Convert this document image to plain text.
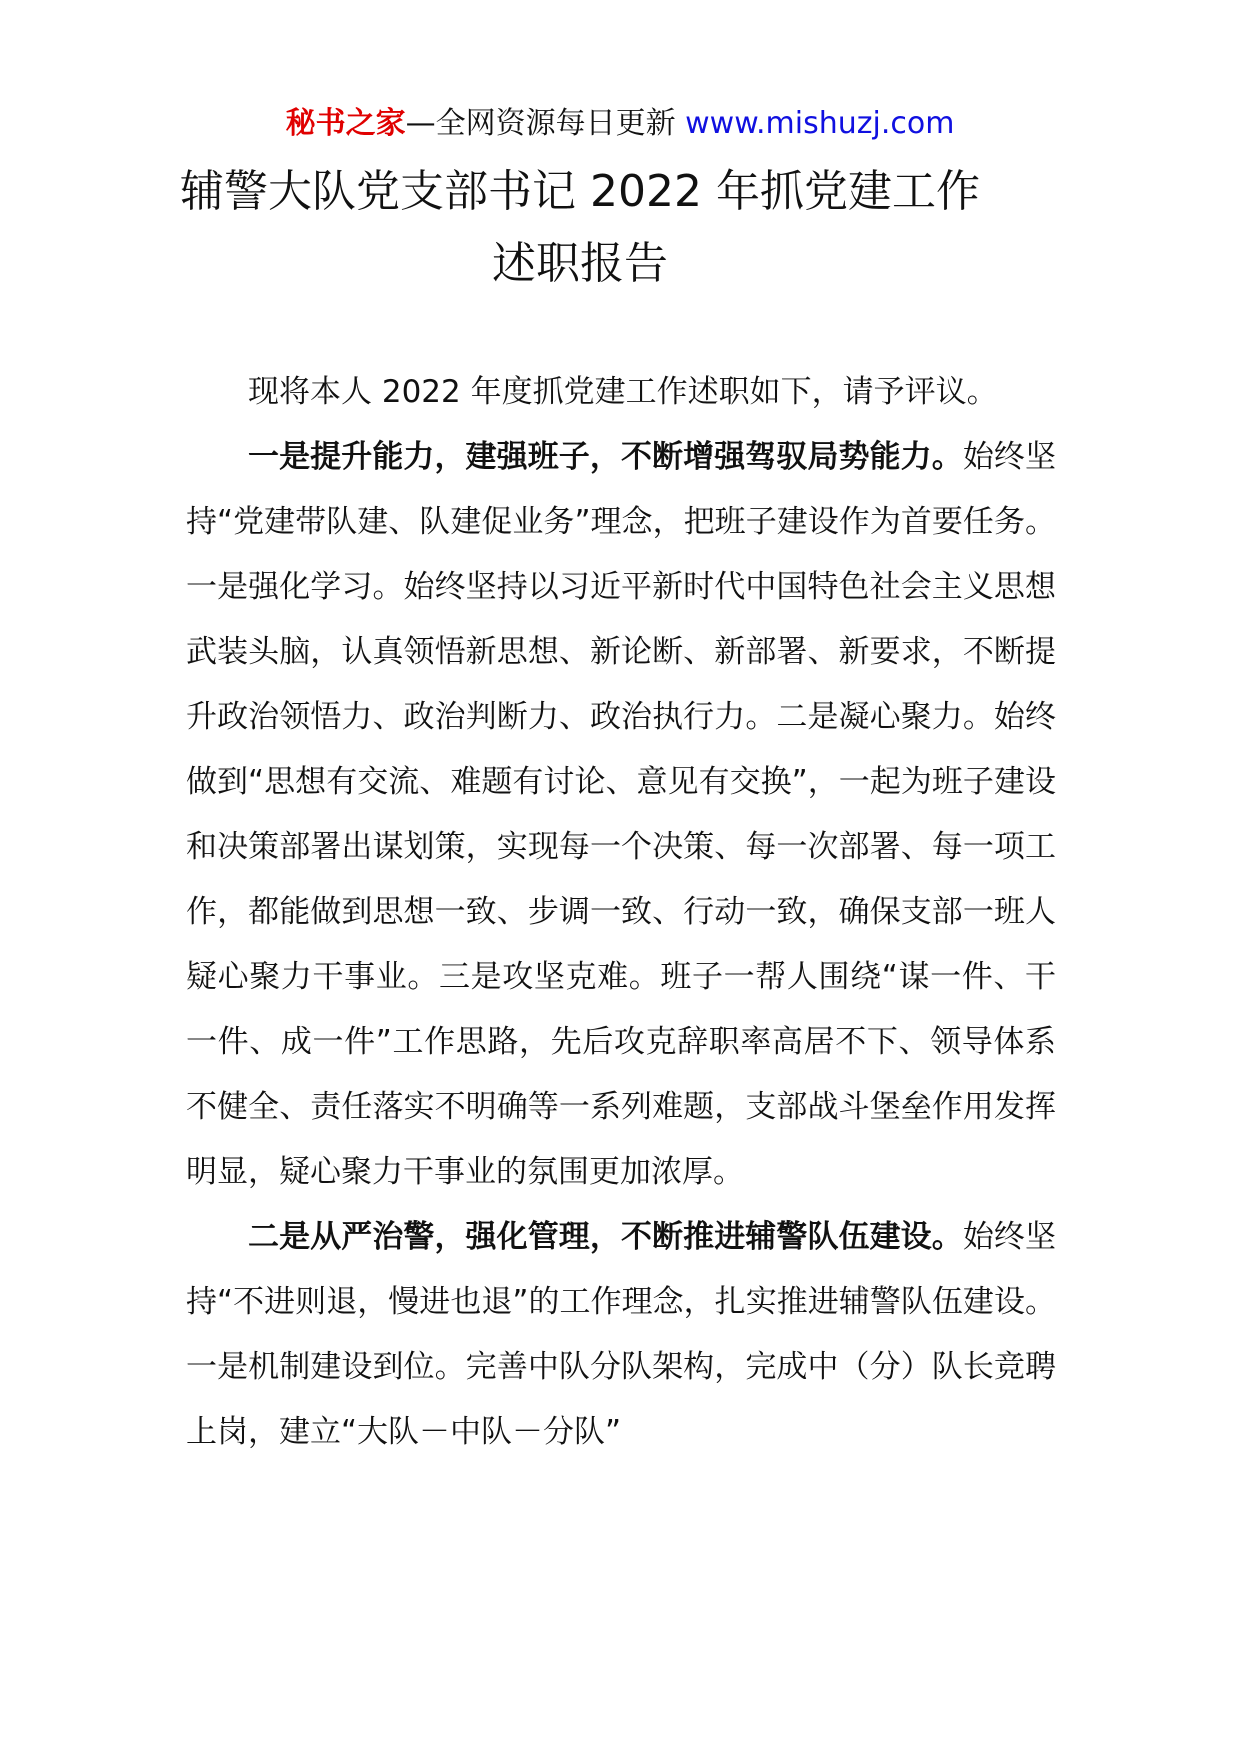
秘书之家—全网资源每日更新 www.mishuzj.com
辅警大队党支部书记 2022 年抓党建工作
述职报告

现将本人 2022 年度抓党建工作述职如下，请予评议。

一是提升能力，建强班子，不断增强驾驭局势能力。始终坚持“党建带队建、队建促业务”理念，把班子建设作为首要任务。一是强化学习。始终坚持以习近平新时代中国特色社会主义思想武装头脑，认真领悟新思想、新论断、新部署、新要求，不断提升政治领悟力、政治判断力、政治执行力。二是凝心聚力。始终做到“思想有交流、难题有讨论、意见有交换”，一起为班子建设和决策部署出谋划策，实现每一个决策、每一次部署、每一项工作，都能做到思想一致、步调一致、行动一致，确保支部一班人疑心聚力干事业。三是攻坚克难。班子一帮人围绕“谋一件、干一件、成一件”工作思路，先后攻克辞职率高居不下、领导体系不健全、责任落实不明确等一系列难题，支部战斗堡垒作用发挥明显，疑心聚力干事业的氛围更加浓厚。

二是从严治警，强化管理，不断推进辅警队伍建设。始终坚持“不进则退，慢进也退”的工作理念，扎实推进辅警队伍建设。一是机制建设到位。完善中队分队架构，完成中（分）队长竞聘上岗，建立“大队－中队－分队”
